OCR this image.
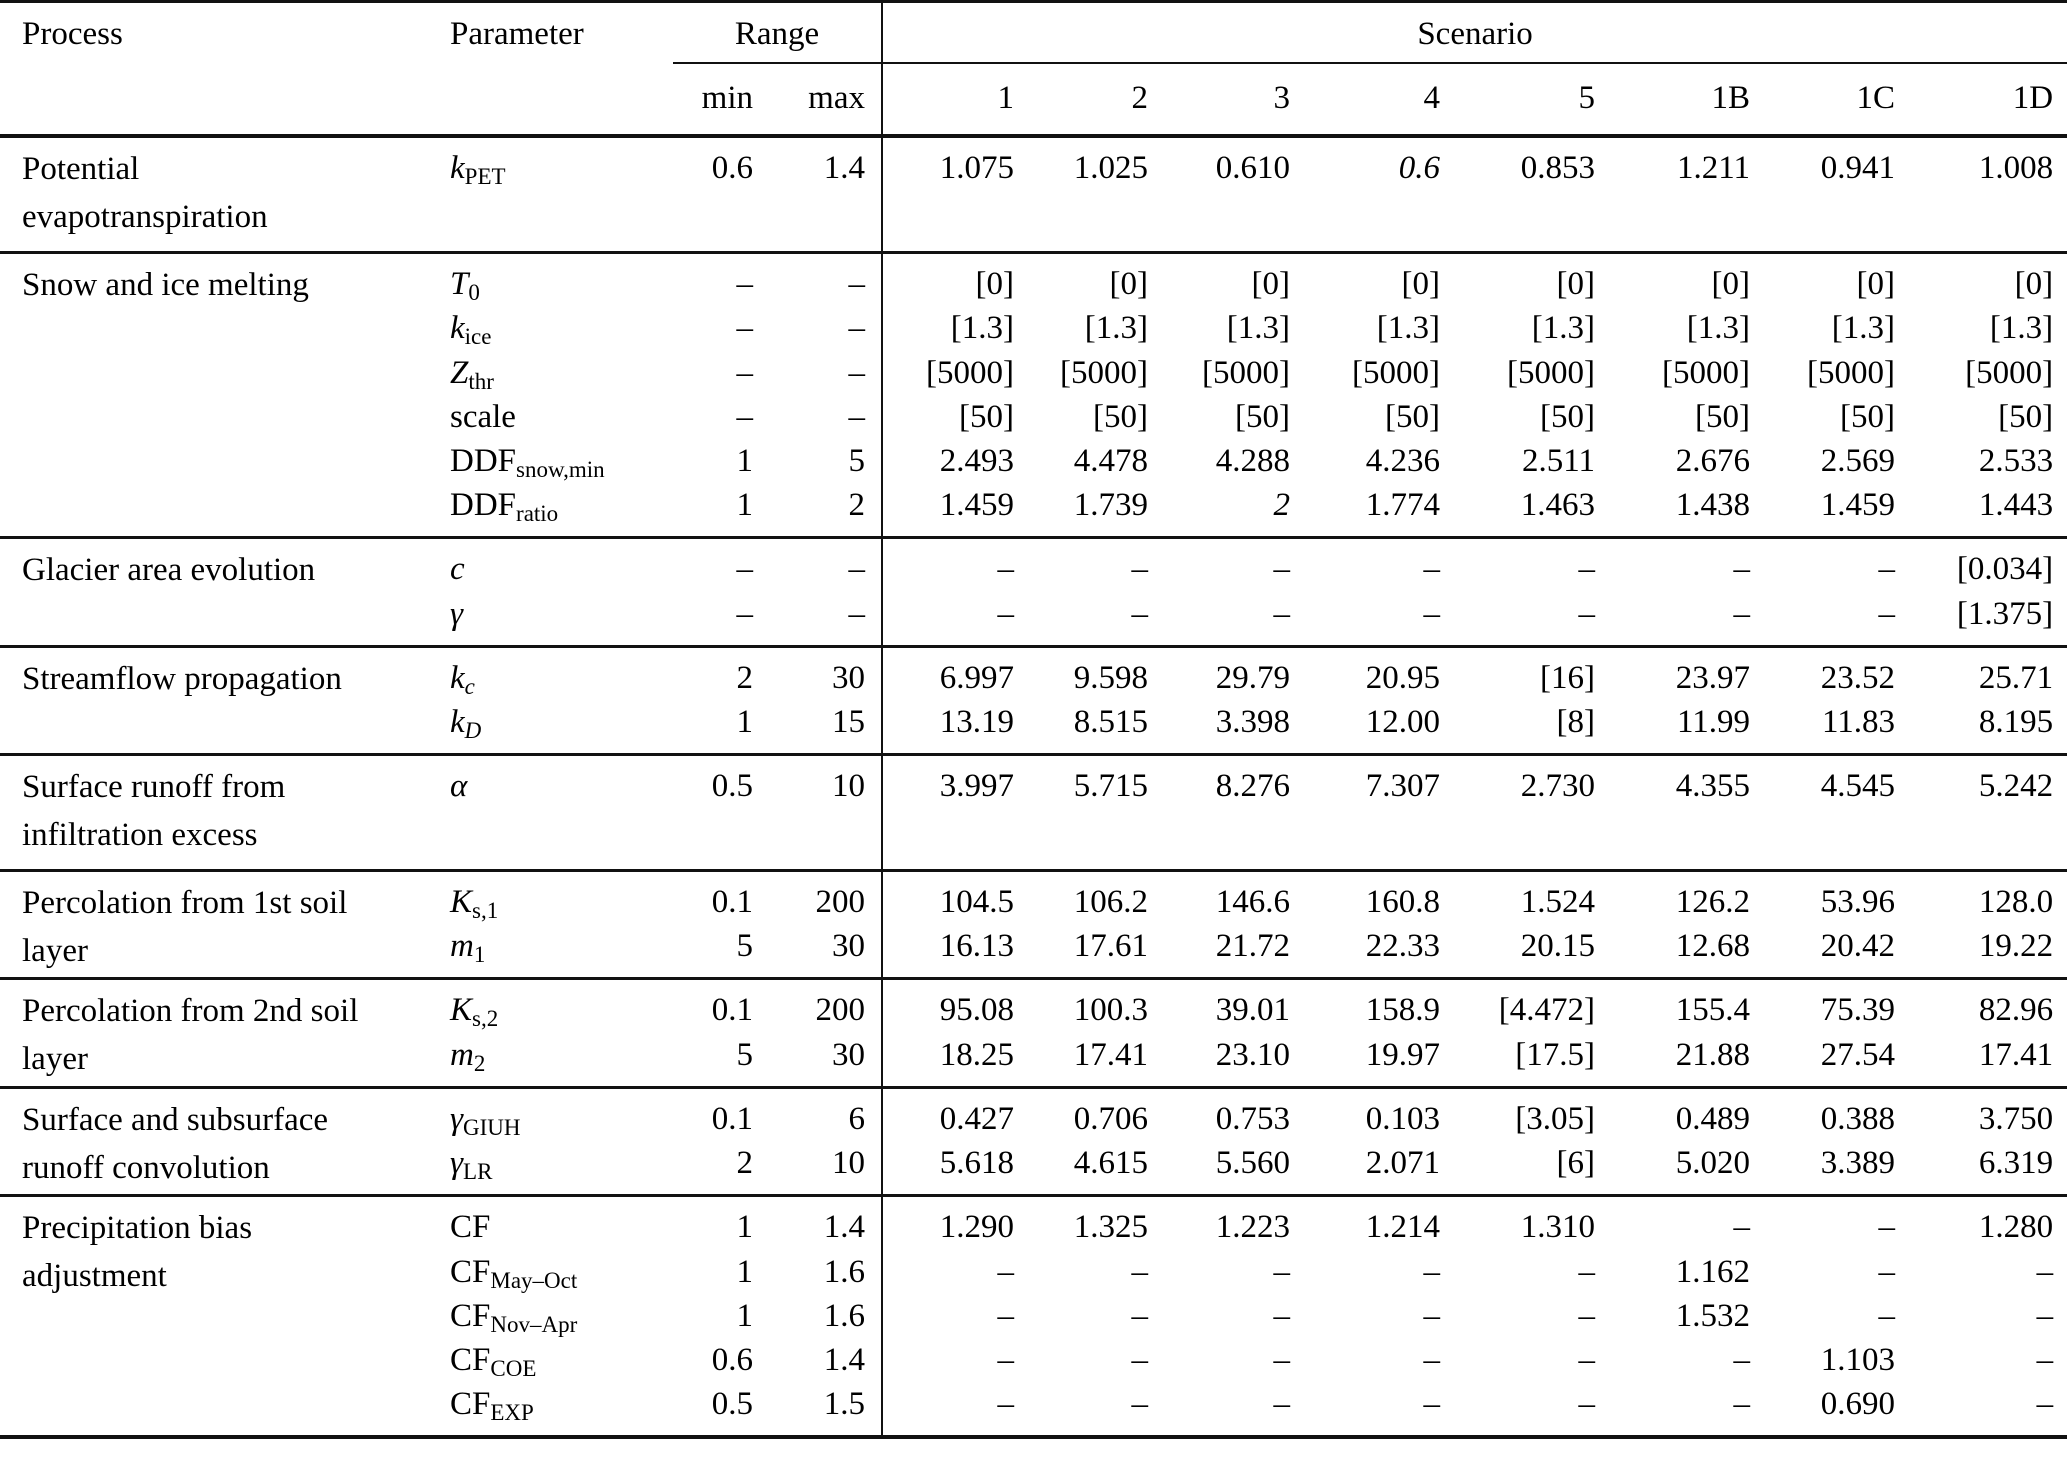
Process	Parameter	Range		Scenario							
		min	max	1	2	3	4	5	1B	1C	1D
Potential
evapotranspiration	kPET	0.6	1.4	1.075	1.025	0.610	0.6	0.853	1.211	0.941	1.008
Snow and ice melting	T0	–	–	[0]	[0]	[0]	[0]	[0]	[0]	[0]	[0]
	kice	–	–	[1.3]	[1.3]	[1.3]	[1.3]	[1.3]	[1.3]	[1.3]	[1.3]
	Zthr	–	–	[5000]	[5000]	[5000]	[5000]	[5000]	[5000]	[5000]	[5000]
	scale	–	–	[50]	[50]	[50]	[50]	[50]	[50]	[50]	[50]
	DDFsnow,min	1	5	2.493	4.478	4.288	4.236	2.511	2.676	2.569	2.533
	DDFratio	1	2	1.459	1.739	2	1.774	1.463	1.438	1.459	1.443
Glacier area evolution	c	–	–	–	–	–	–	–	–	–	[0.034]
	γ	–	–	–	–	–	–	–	–	–	[1.375]
Streamflow propagation	kc	2	30	6.997	9.598	29.79	20.95	[16]	23.97	23.52	25.71
	kD	1	15	13.19	8.515	3.398	12.00	[8]	11.99	11.83	8.195
Surface runoff from
infiltration excess	α	0.5	10	3.997	5.715	8.276	7.307	2.730	4.355	4.545	5.242
Percolation from 1st soil
layer	Ks,1	0.1	200	104.5	106.2	146.6	160.8	1.524	126.2	53.96	128.0
	m1	5	30	16.13	17.61	21.72	22.33	20.15	12.68	20.42	19.22
Percolation from 2nd soil
layer	Ks,2	0.1	200	95.08	100.3	39.01	158.9	[4.472]	155.4	75.39	82.96
	m2	5	30	18.25	17.41	23.10	19.97	[17.5]	21.88	27.54	17.41
Surface and subsurface
runoff convolution	γGIUH	0.1	6	0.427	0.706	0.753	0.103	[3.05]	0.489	0.388	3.750
	γLR	2	10	5.618	4.615	5.560	2.071	[6]	5.020	3.389	6.319
Precipitation bias
adjustment	CF	1	1.4	1.290	1.325	1.223	1.214	1.310	–	–	1.280
	CFMay–Oct	1	1.6	–	–	–	–	–	1.162	–	–
	CFNov–Apr	1	1.6	–	–	–	–	–	1.532	–	–
	CFCOE	0.6	1.4	–	–	–	–	–	–	1.103	–
	CFEXP	0.5	1.5	–	–	–	–	–	–	0.690	–
